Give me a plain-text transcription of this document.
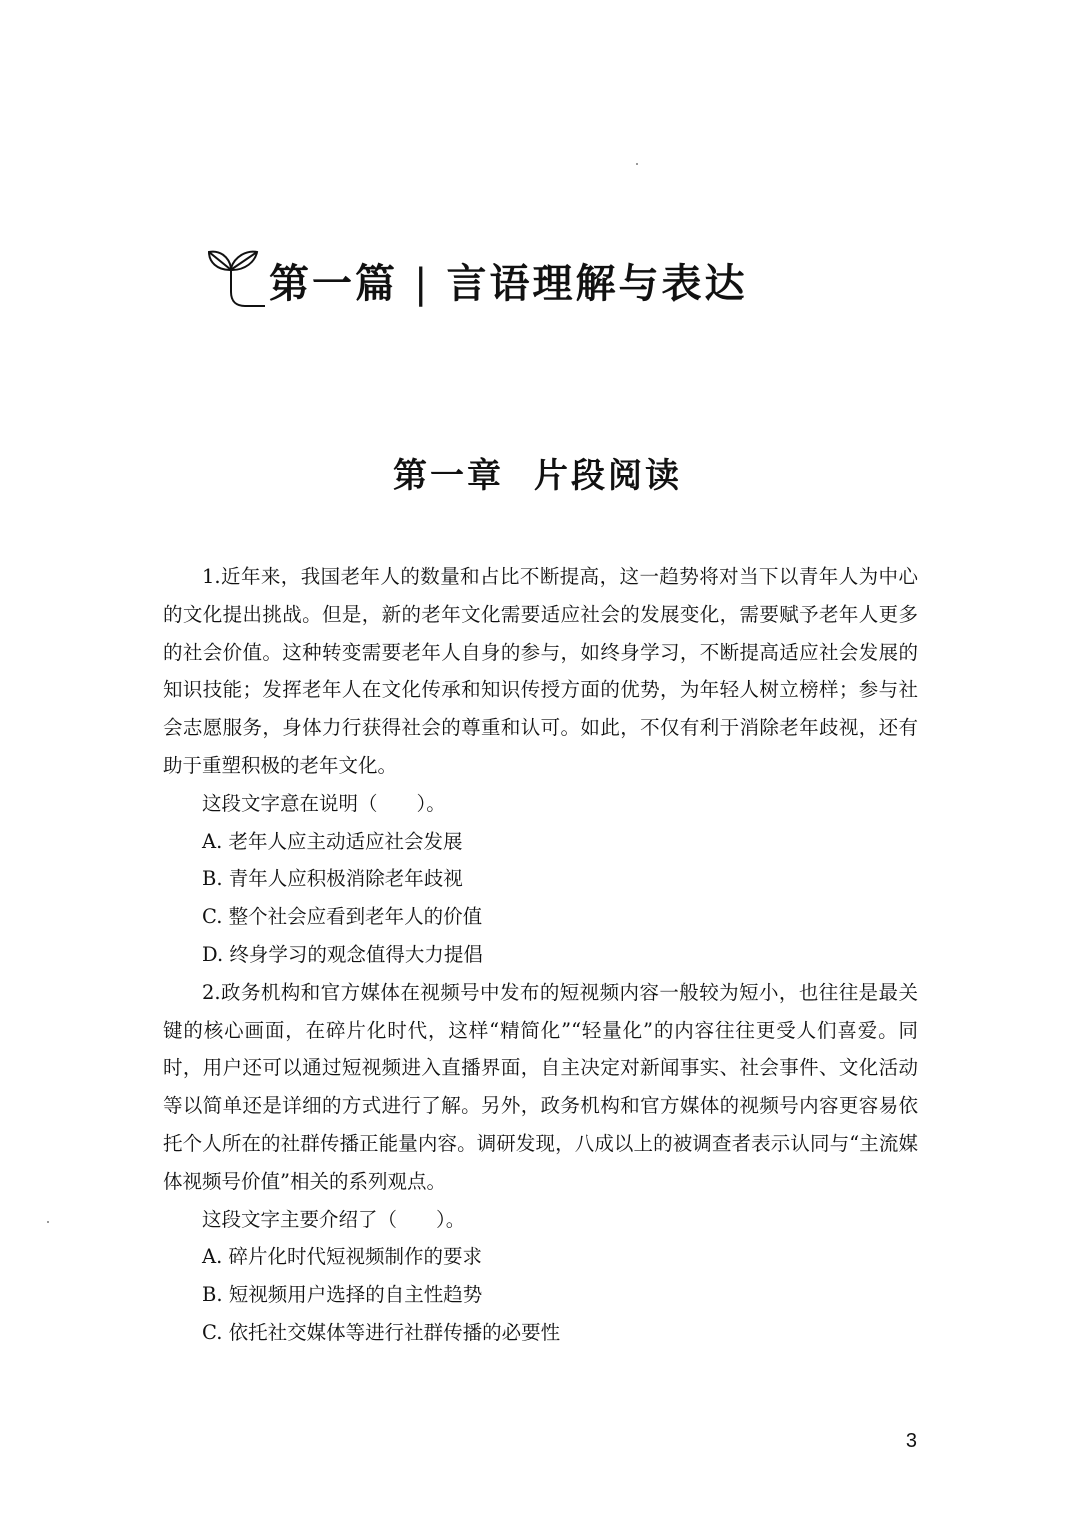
第一篇 | 言语理解与表达
第一章 片段阅读

1.近年来，我国老年人的数量和占比不断提高，这一趋势将对当下以青年人为中心的文化提出挑战。但是，新的老年文化需要适应社会的发展变化，需要赋予老年人更多的社会价值。这种转变需要老年人自身的参与，如终身学习，不断提高适应社会发展的知识技能；发挥老年人在文化传承和知识传授方面的优势，为年轻人树立榜样；参与社会志愿服务，身体力行获得社会的尊重和认可。如此，不仅有利于消除老年歧视，还有助于重塑积极的老年文化。

这段文字意在说明（　　）。

A. 老年人应主动适应社会发展

B. 青年人应积极消除老年歧视

C. 整个社会应看到老年人的价值

D. 终身学习的观念值得大力提倡

2.政务机构和官方媒体在视频号中发布的短视频内容一般较为短小，也往往是最关键的核心画面，在碎片化时代，这样“精简化”“轻量化”的内容往往更受人们喜爱。同时，用户还可以通过短视频进入直播界面，自主决定对新闻事实、社会事件、文化活动等以简单还是详细的方式进行了解。另外，政务机构和官方媒体的视频号内容更容易依托个人所在的社群传播正能量内容。调研发现，八成以上的被调查者表示认同与“主流媒体视频号价值”相关的系列观点。

这段文字主要介绍了（　　）。

A. 碎片化时代短视频制作的要求

B. 短视频用户选择的自主性趋势

C. 依托社交媒体等进行社群传播的必要性

3
